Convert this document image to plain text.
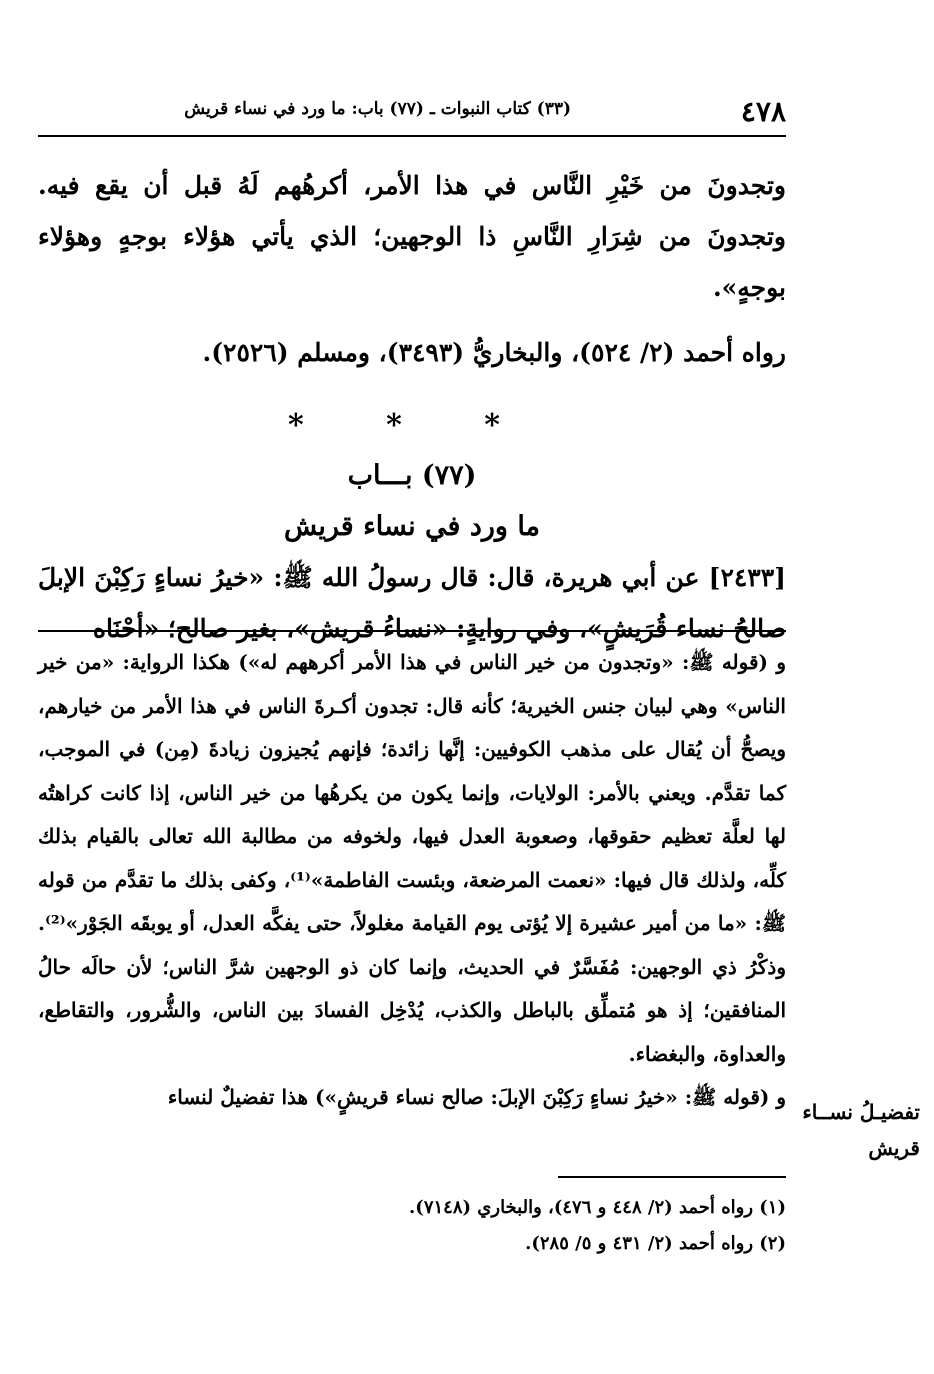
٤٧٨
(٣٣) كتاب النبوات ـ (٧٧) باب: ما ورد في نساء قريش

وتجدونَ من خَيْرِ النَّاس في هذا الأمر، أكرهُهم لَهُ قبل أن يقع فيه. وتجدونَ من شِرَارِ النَّاسِ ذا الوجهين؛ الذي يأتي هؤلاء بوجهٍ وهؤلاء بوجهٍ».

رواه أحمد (٢/ ٥٢٤)، والبخاريُّ (٣٤٩٣)، ومسلم (٢٥٢٦).

* * *

(٧٧) بـــاب

ما ورد في نساء قريش

[٢٤٣٣] عن أبي هريرة، قال: قال رسولُ الله ﷺ: «خيرُ نساءٍ رَكِبْنَ الإبلَ صالحُ نساء قُرَيشٍ»، وفي روايةٍ: «نساءُ قريش»، بغير صالح؛ «أحْنَاه

و (قوله ﷺ: «وتجدون من خير الناس في هذا الأمر أكرههم له») هكذا الرواية: «من خير الناس» وهي لبيان جنس الخيرية؛ كأنه قال: تجدون أكـرةَ الناس في هذا الأمر من خيارهم، ويصحُّ أن يُقال على مذهب الكوفيين: إنَّها زائدة؛ فإنهم يُجيزون زيادةَ (مِن) في الموجب، كما تقدَّم. ويعني بالأمر: الولايات، وإنما يكون من يكرهُها من خير الناس، إذا كانت كراهتُه لها لعلَّة تعظيم حقوقها، وصعوبة العدل فيها، ولخوفه من مطالبة الله تعالى بالقيام بذلك كلِّه، ولذلك قال فيها: «نعمت المرضعة، وبئست الفاطمة»⁽¹⁾، وكفى بذلك ما تقدَّم من قوله ﷺ: «ما من أمير عشيرة إلا يُؤتى يوم القيامة مغلولاً، حتى يفكَّه العدل، أو يوبقَه الجَوْر»⁽²⁾. وذكْرُ ذي الوجهين: مُفَسَّرٌ في الحديث، وإنما كان ذو الوجهين شرَّ الناس؛ لأن حالَه حالُ المنافقين؛ إذ هو مُتملِّق بالباطل والكذب، يُدْخِل الفسادَ بين الناس، والشُّرور، والتقاطع، والعداوة، والبغضاء.

و (قوله ﷺ: «خيرُ نساءٍ رَكِبْنَ الإبلَ: صالح نساء قريشٍ») هذا تفضيلٌ لنساء

تفضيـلُ نســاء قريش

(١) رواه أحمد (٢/ ٤٤٨ و ٤٧٦)، والبخاري (٧١٤٨).

(٢) رواه أحمد (٢/ ٤٣١ و ٥/ ٢٨٥).
